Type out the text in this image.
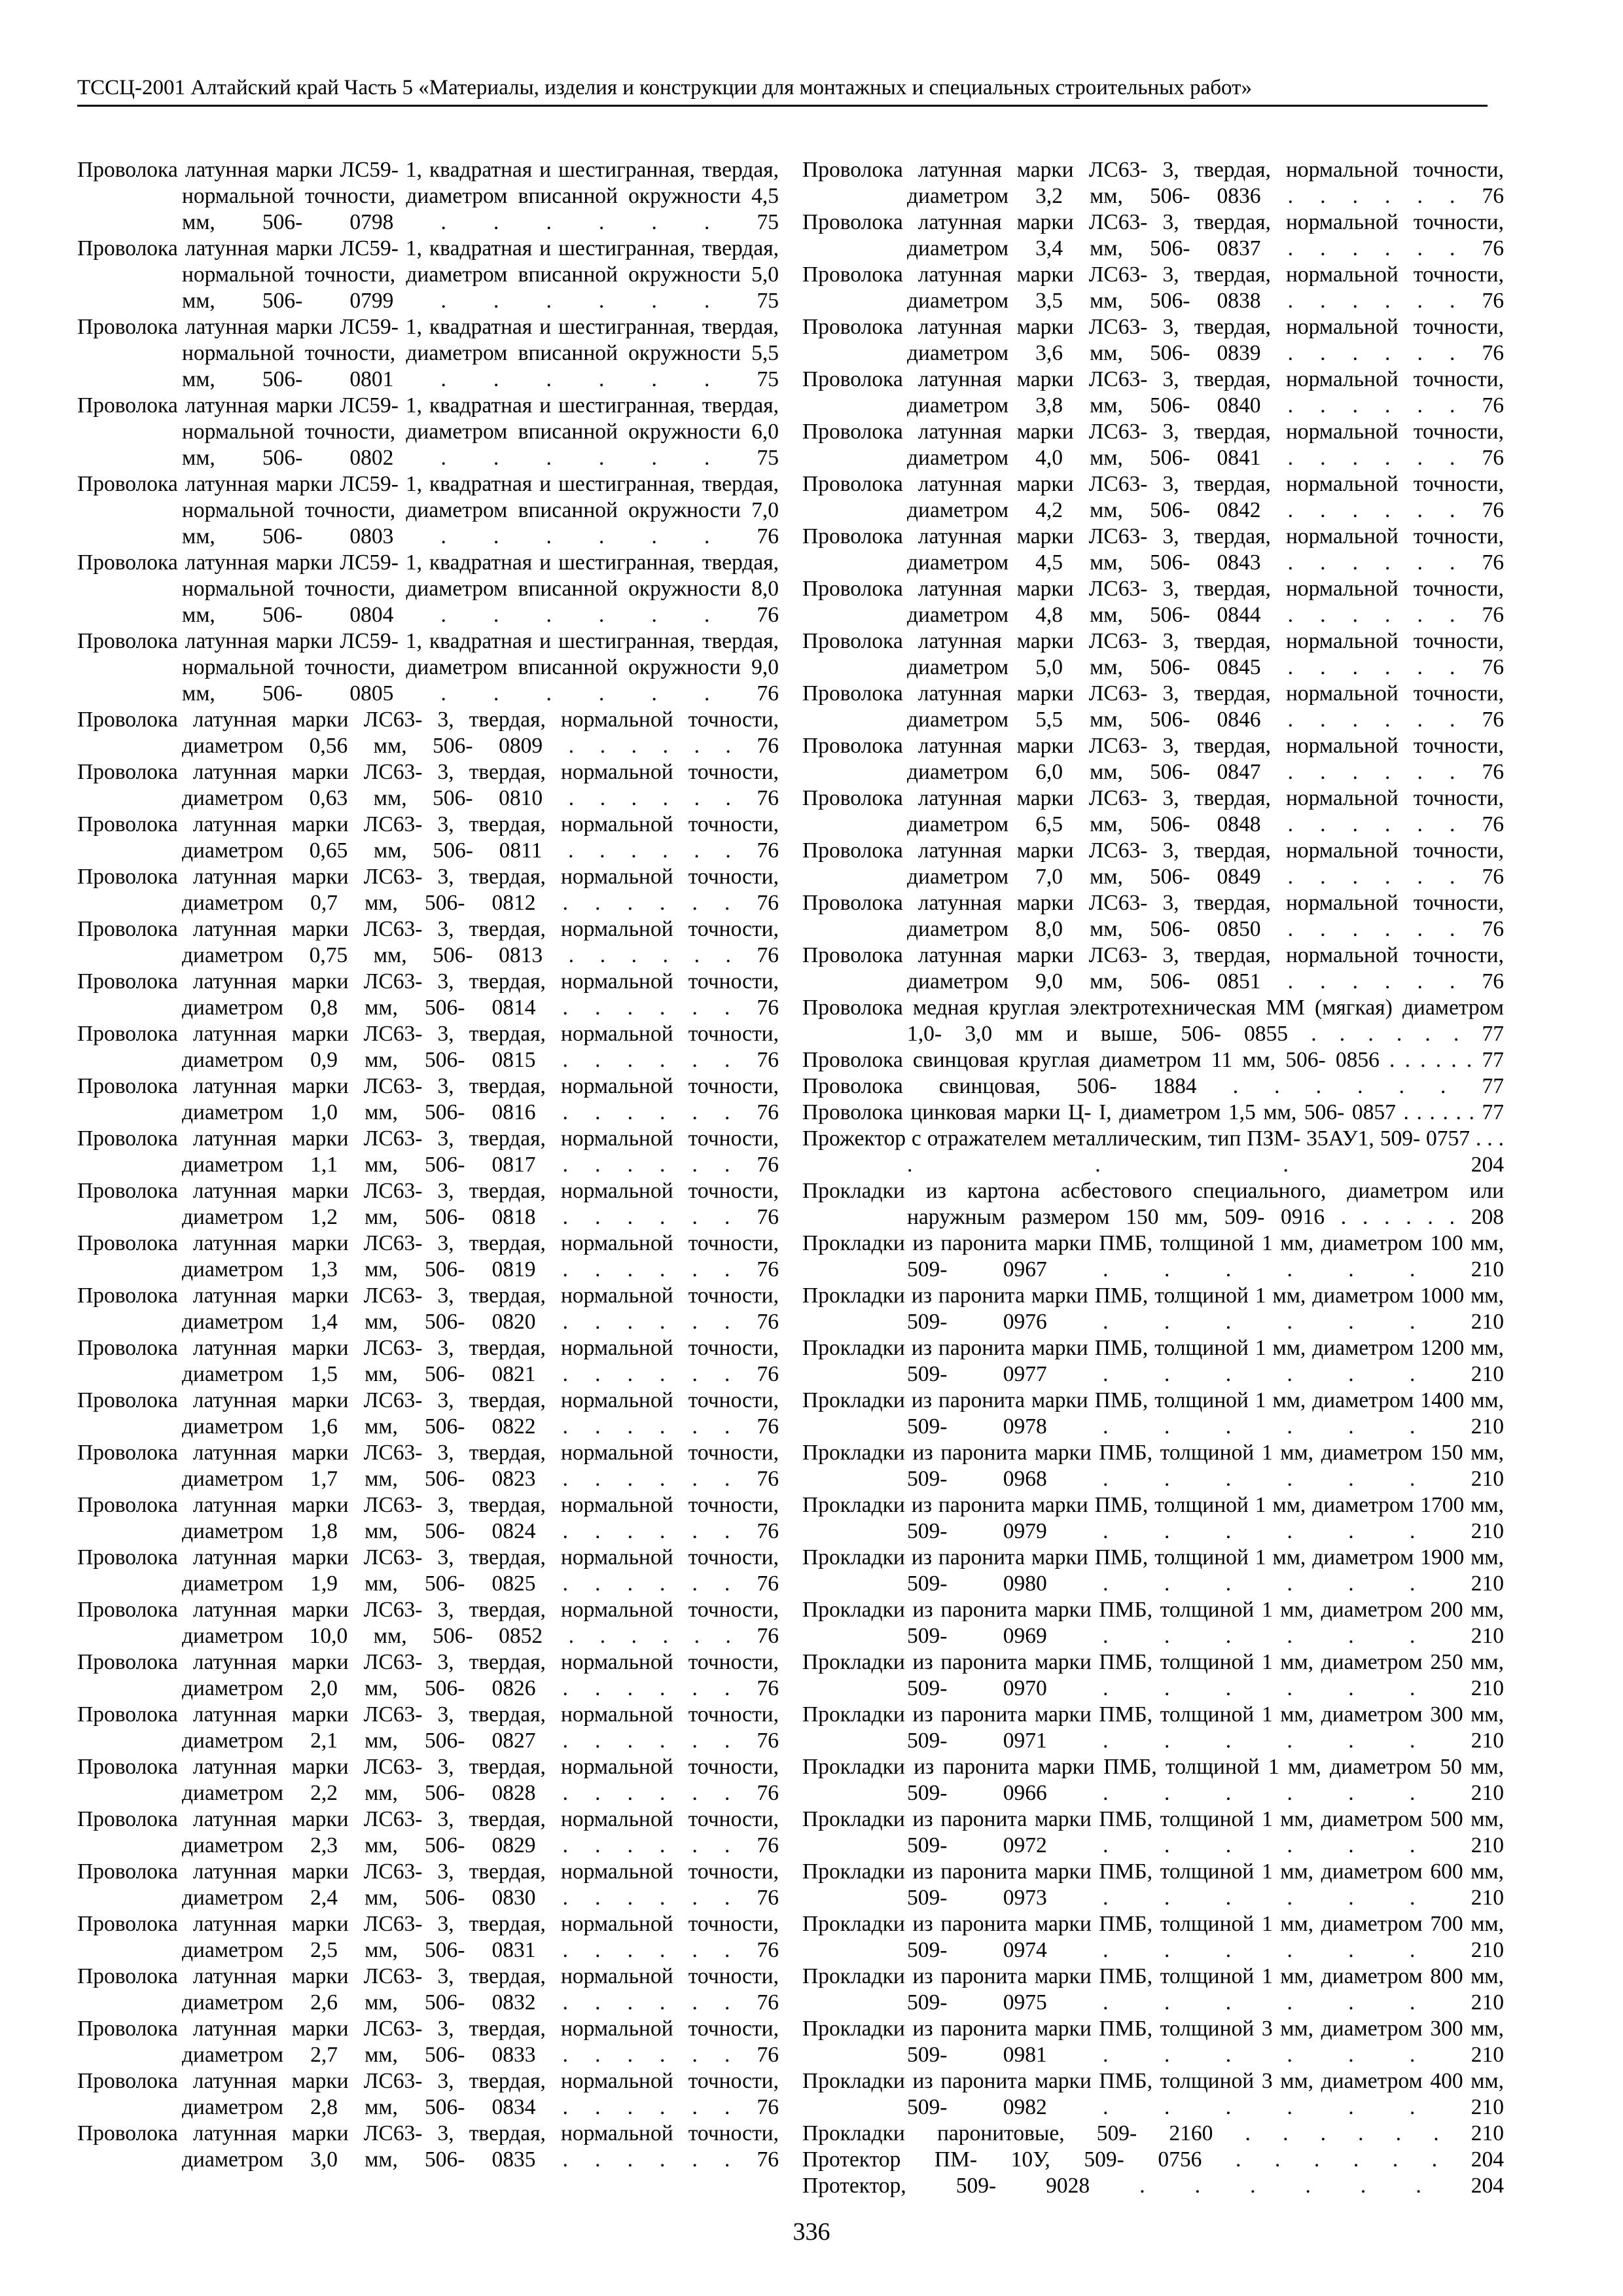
ТССЦ-2001 Алтайский край Часть 5 «Материалы, изделия и конструкции для монтажных и специальных строительных работ»
Проволока латунная марки ЛС59- 1, квадратная и шестигранная, твердая, нормальной точности, диаметром вписанной окружности 4,5 мм, 506- 0798 . . . . . . 75
Проволока латунная марки ЛС59- 1, квадратная и шестигранная, твердая, нормальной точности, диаметром вписанной окружности 5,0 мм, 506- 0799 . . . . . . 75
Проволока латунная марки ЛС59- 1, квадратная и шестигранная, твердая, нормальной точности, диаметром вписанной окружности 5,5 мм, 506- 0801 . . . . . . 75
Проволока латунная марки ЛС59- 1, квадратная и шестигранная, твердая, нормальной точности, диаметром вписанной окружности 6,0 мм, 506- 0802 . . . . . . 75
Проволока латунная марки ЛС59- 1, квадратная и шестигранная, твердая, нормальной точности, диаметром вписанной окружности 7,0 мм, 506- 0803 . . . . . . 76
Проволока латунная марки ЛС59- 1, квадратная и шестигранная, твердая, нормальной точности, диаметром вписанной окружности 8,0 мм, 506- 0804 . . . . . . 76
Проволока латунная марки ЛС59- 1, квадратная и шестигранная, твердая, нормальной точности, диаметром вписанной окружности 9,0 мм, 506- 0805 . . . . . . 76
Проволока латунная марки ЛС63- 3, твердая, нормальной точности, диаметром 0,56 мм, 506- 0809 . . . . . . 76
Проволока латунная марки ЛС63- 3, твердая, нормальной точности, диаметром 0,63 мм, 506- 0810 . . . . . . 76
Проволока латунная марки ЛС63- 3, твердая, нормальной точности, диаметром 0,65 мм, 506- 0811 . . . . . . 76
Проволока латунная марки ЛС63- 3, твердая, нормальной точности, диаметром 0,7 мм, 506- 0812 . . . . . . 76
Проволока латунная марки ЛС63- 3, твердая, нормальной точности, диаметром 0,75 мм, 506- 0813 . . . . . . 76
Проволока латунная марки ЛС63- 3, твердая, нормальной точности, диаметром 0,8 мм, 506- 0814 . . . . . . 76
Проволока латунная марки ЛС63- 3, твердая, нормальной точности, диаметром 0,9 мм, 506- 0815 . . . . . . 76
Проволока латунная марки ЛС63- 3, твердая, нормальной точности, диаметром 1,0 мм, 506- 0816 . . . . . . 76
Проволока латунная марки ЛС63- 3, твердая, нормальной точности, диаметром 1,1 мм, 506- 0817 . . . . . . 76
Проволока латунная марки ЛС63- 3, твердая, нормальной точности, диаметром 1,2 мм, 506- 0818 . . . . . . 76
Проволока латунная марки ЛС63- 3, твердая, нормальной точности, диаметром 1,3 мм, 506- 0819 . . . . . . 76
Проволока латунная марки ЛС63- 3, твердая, нормальной точности, диаметром 1,4 мм, 506- 0820 . . . . . . 76
Проволока латунная марки ЛС63- 3, твердая, нормальной точности, диаметром 1,5 мм, 506- 0821 . . . . . . 76
Проволока латунная марки ЛС63- 3, твердая, нормальной точности, диаметром 1,6 мм, 506- 0822 . . . . . . 76
Проволока латунная марки ЛС63- 3, твердая, нормальной точности, диаметром 1,7 мм, 506- 0823 . . . . . . 76
Проволока латунная марки ЛС63- 3, твердая, нормальной точности, диаметром 1,8 мм, 506- 0824 . . . . . . 76
Проволока латунная марки ЛС63- 3, твердая, нормальной точности, диаметром 1,9 мм, 506- 0825 . . . . . . 76
Проволока латунная марки ЛС63- 3, твердая, нормальной точности, диаметром 10,0 мм, 506- 0852 . . . . . . 76
Проволока латунная марки ЛС63- 3, твердая, нормальной точности, диаметром 2,0 мм, 506- 0826 . . . . . . 76
Проволока латунная марки ЛС63- 3, твердая, нормальной точности, диаметром 2,1 мм, 506- 0827 . . . . . . 76
Проволока латунная марки ЛС63- 3, твердая, нормальной точности, диаметром 2,2 мм, 506- 0828 . . . . . . 76
Проволока латунная марки ЛС63- 3, твердая, нормальной точности, диаметром 2,3 мм, 506- 0829 . . . . . . 76
Проволока латунная марки ЛС63- 3, твердая, нормальной точности, диаметром 2,4 мм, 506- 0830 . . . . . . 76
Проволока латунная марки ЛС63- 3, твердая, нормальной точности, диаметром 2,5 мм, 506- 0831 . . . . . . 76
Проволока латунная марки ЛС63- 3, твердая, нормальной точности, диаметром 2,6 мм, 506- 0832 . . . . . . 76
Проволока латунная марки ЛС63- 3, твердая, нормальной точности, диаметром 2,7 мм, 506- 0833 . . . . . . 76
Проволока латунная марки ЛС63- 3, твердая, нормальной точности, диаметром 2,8 мм, 506- 0834 . . . . . . 76
Проволока латунная марки ЛС63- 3, твердая, нормальной точности, диаметром 3,0 мм, 506- 0835 . . . . . . 76
Проволока латунная марки ЛС63- 3, твердая, нормальной точности, диаметром 3,2 мм, 506- 0836 . . . . . . 76
Проволока латунная марки ЛС63- 3, твердая, нормальной точности, диаметром 3,4 мм, 506- 0837 . . . . . . 76
Проволока латунная марки ЛС63- 3, твердая, нормальной точности, диаметром 3,5 мм, 506- 0838 . . . . . . 76
Проволока латунная марки ЛС63- 3, твердая, нормальной точности, диаметром 3,6 мм, 506- 0839 . . . . . . 76
Проволока латунная марки ЛС63- 3, твердая, нормальной точности, диаметром 3,8 мм, 506- 0840 . . . . . . 76
Проволока латунная марки ЛС63- 3, твердая, нормальной точности, диаметром 4,0 мм, 506- 0841 . . . . . . 76
Проволока латунная марки ЛС63- 3, твердая, нормальной точности, диаметром 4,2 мм, 506- 0842 . . . . . . 76
Проволока латунная марки ЛС63- 3, твердая, нормальной точности, диаметром 4,5 мм, 506- 0843 . . . . . . 76
Проволока латунная марки ЛС63- 3, твердая, нормальной точности, диаметром 4,8 мм, 506- 0844 . . . . . . 76
Проволока латунная марки ЛС63- 3, твердая, нормальной точности, диаметром 5,0 мм, 506- 0845 . . . . . . 76
Проволока латунная марки ЛС63- 3, твердая, нормальной точности, диаметром 5,5 мм, 506- 0846 . . . . . . 76
Проволока латунная марки ЛС63- 3, твердая, нормальной точности, диаметром 6,0 мм, 506- 0847 . . . . . . 76
Проволока латунная марки ЛС63- 3, твердая, нормальной точности, диаметром 6,5 мм, 506- 0848 . . . . . . 76
Проволока латунная марки ЛС63- 3, твердая, нормальной точности, диаметром 7,0 мм, 506- 0849 . . . . . . 76
Проволока латунная марки ЛС63- 3, твердая, нормальной точности, диаметром 8,0 мм, 506- 0850 . . . . . . 76
Проволока латунная марки ЛС63- 3, твердая, нормальной точности, диаметром 9,0 мм, 506- 0851 . . . . . . 76
Проволока медная круглая электротехническая ММ (мягкая) диаметром 1,0- 3,0 мм и выше, 506- 0855 . . . . . . 77
Проволока свинцовая круглая диаметром 11 мм, 506- 0856 . . . . . . 77
Проволока свинцовая, 506- 1884 . . . . . . 77
Проволока цинковая марки Ц- I, диаметром 1,5 мм, 506- 0857 . . . . . . 77
Прожектор с отражателем металлическим, тип ПЗМ- 35АУ1, 509- 0757 . . . . . . 204
Прокладки из картона асбестового специального, диаметром или наружным размером 150 мм, 509- 0916 . . . . . . 208
Прокладки из паронита марки ПМБ, толщиной 1 мм, диаметром 100 мм, 509- 0967 . . . . . . 210
Прокладки из паронита марки ПМБ, толщиной 1 мм, диаметром 1000 мм, 509- 0976 . . . . . . 210
Прокладки из паронита марки ПМБ, толщиной 1 мм, диаметром 1200 мм, 509- 0977 . . . . . . 210
Прокладки из паронита марки ПМБ, толщиной 1 мм, диаметром 1400 мм, 509- 0978 . . . . . . 210
Прокладки из паронита марки ПМБ, толщиной 1 мм, диаметром 150 мм, 509- 0968 . . . . . . 210
Прокладки из паронита марки ПМБ, толщиной 1 мм, диаметром 1700 мм, 509- 0979 . . . . . . 210
Прокладки из паронита марки ПМБ, толщиной 1 мм, диаметром 1900 мм, 509- 0980 . . . . . . 210
Прокладки из паронита марки ПМБ, толщиной 1 мм, диаметром 200 мм, 509- 0969 . . . . . . 210
Прокладки из паронита марки ПМБ, толщиной 1 мм, диаметром 250 мм, 509- 0970 . . . . . . 210
Прокладки из паронита марки ПМБ, толщиной 1 мм, диаметром 300 мм, 509- 0971 . . . . . . 210
Прокладки из паронита марки ПМБ, толщиной 1 мм, диаметром 50 мм, 509- 0966 . . . . . . 210
Прокладки из паронита марки ПМБ, толщиной 1 мм, диаметром 500 мм, 509- 0972 . . . . . . 210
Прокладки из паронита марки ПМБ, толщиной 1 мм, диаметром 600 мм, 509- 0973 . . . . . . 210
Прокладки из паронита марки ПМБ, толщиной 1 мм, диаметром 700 мм, 509- 0974 . . . . . . 210
Прокладки из паронита марки ПМБ, толщиной 1 мм, диаметром 800 мм, 509- 0975 . . . . . . 210
Прокладки из паронита марки ПМБ, толщиной 3 мм, диаметром 300 мм, 509- 0981 . . . . . . 210
Прокладки из паронита марки ПМБ, толщиной 3 мм, диаметром 400 мм, 509- 0982 . . . . . . 210
Прокладки паронитовые, 509- 2160 . . . . . . 210
Протектор ПМ- 10У, 509- 0756 . . . . . . 204
Протектор, 509- 9028 . . . . . . 204
336
